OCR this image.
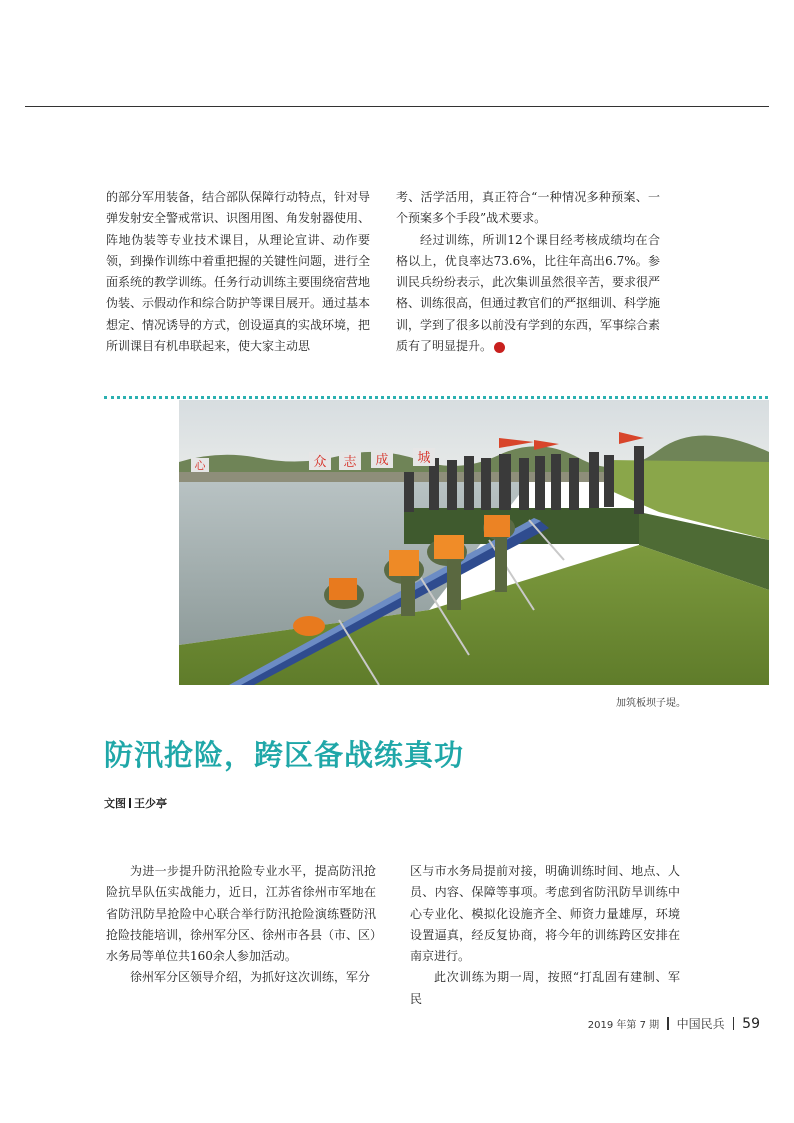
的部分军用装备，结合部队保障行动特点，针对导弹发射安全警戒常识、识图用图、角发射器使用、阵地伪装等专业技术课目，从理论宣讲、动作要领，到操作训练中着重把握的关键性问题，进行全面系统的教学训练。任务行动训练主要围绕宿营地伪装、示假动作和综合防护等课目展开。通过基本想定、情况诱导的方式，创设逼真的实战环境，把所训课目有机串联起来，使大家主动思

考、活学活用，真正符合“一种情况多种预案、一个预案多个手段”战术要求。

经过训练，所训12个课目经考核成绩均在合格以上，优良率达73.6%，比往年高出6.7%。参训民兵纷纷表示，此次集训虽然很辛苦，要求很严格、训练很高，但通过教官们的严抠细训、科学施训，学到了很多以前没有学到的东西，军事综合素质有了明显提升。	刊

心	众 志 成 城
加筑板坝子堤。
防汛抢险，跨区备战练真功
文图 王少亭

为进一步提升防汛抢险专业水平，提高防汛抢险抗旱队伍实战能力，近日，江苏省徐州市军地在省防汛防旱抢险中心联合举行防汛抢险演练暨防汛抢险技能培训，徐州军分区、徐州市各县（市、区）水务局等单位共160余人参加活动。

徐州军分区领导介绍，为抓好这次训练，军分

区与市水务局提前对接，明确训练时间、地点、人员、内容、保障等事项。考虑到省防汛防旱训练中心专业化、模拟化设施齐全、师资力量雄厚，环境设置逼真，经反复协商，将今年的训练跨区安排在南京进行。

此次训练为期一周，按照“打乱固有建制、军民

2019 年第 7 期 中国民兵 59
